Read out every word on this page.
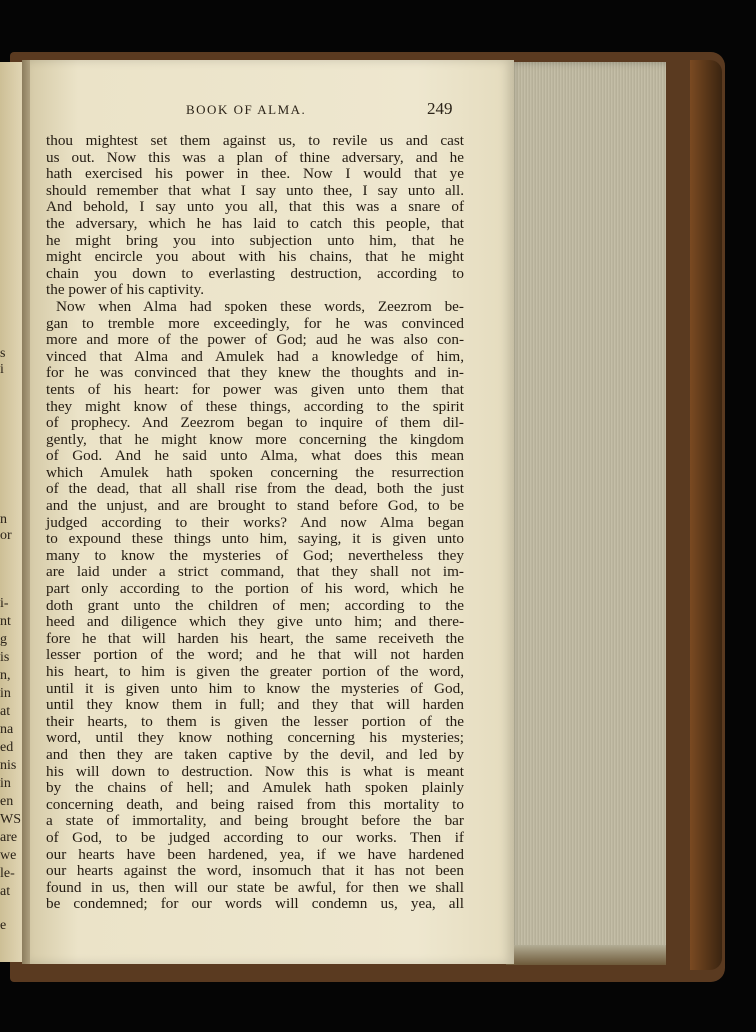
i-
nt
g
is
n,
in
at
na
ed
nis
in
en
WS
are
we
le-
at
e
s
i
n
or
BOOK OF ALMA.	249
thou mightest set them against us, to revile us and cast
us out. Now this was a plan of thine adversary, and he
hath exercised his power in thee. Now I would that ye
should remember that what I say unto thee, I say unto all.
And behold, I say unto you all, that this was a snare of
the adversary, which he has laid to catch this people, that
he might bring you into subjection unto him, that he
might encircle you about with his chains, that he might
chain you down to everlasting destruction, according to
the power of his captivity.
Now when Alma had spoken these words, Zeezrom be-
gan to tremble more exceedingly, for he was convinced
more and more of the power of God; aud he was also con-
vinced that Alma and Amulek had a knowledge of him,
for he was convinced that they knew the thoughts and in-
tents of his heart: for power was given unto them that
they might know of these things, according to the spirit
of prophecy. And Zeezrom began to inquire of them dil-
gently, that he might know more concerning the kingdom
of God. And he said unto Alma, what does this mean
which Amulek hath spoken concerning the resurrection
of the dead, that all shall rise from the dead, both the just
and the unjust, and are brought to stand before God, to be
judged according to their works? And now Alma began
to expound these things unto him, saying, it is given unto
many to know the mysteries of God; nevertheless they
are laid under a strict command, that they shall not im-
part only according to the portion of his word, which he
doth grant unto the children of men; according to the
heed and diligence which they give unto him; and there-
fore he that will harden his heart, the same receiveth the
lesser portion of the word; and he that will not harden
his heart, to him is given the greater portion of the word,
until it is given unto him to know the mysteries of God,
until they know them in full; and they that will harden
their hearts, to them is given the lesser portion of the
word, until they know nothing concerning his mysteries;
and then they are taken captive by the devil, and led by
his will down to destruction. Now this is what is meant
by the chains of hell; and Amulek hath spoken plainly
concerning death, and being raised from this mortality to
a state of immortality, and being brought before the bar
of God, to be judged according to our works. Then if
our hearts have been hardened, yea, if we have hardened
our hearts against the word, insomuch that it has not been
found in us, then will our state be awful, for then we shall
be condemned; for our words will condemn us, yea, all
